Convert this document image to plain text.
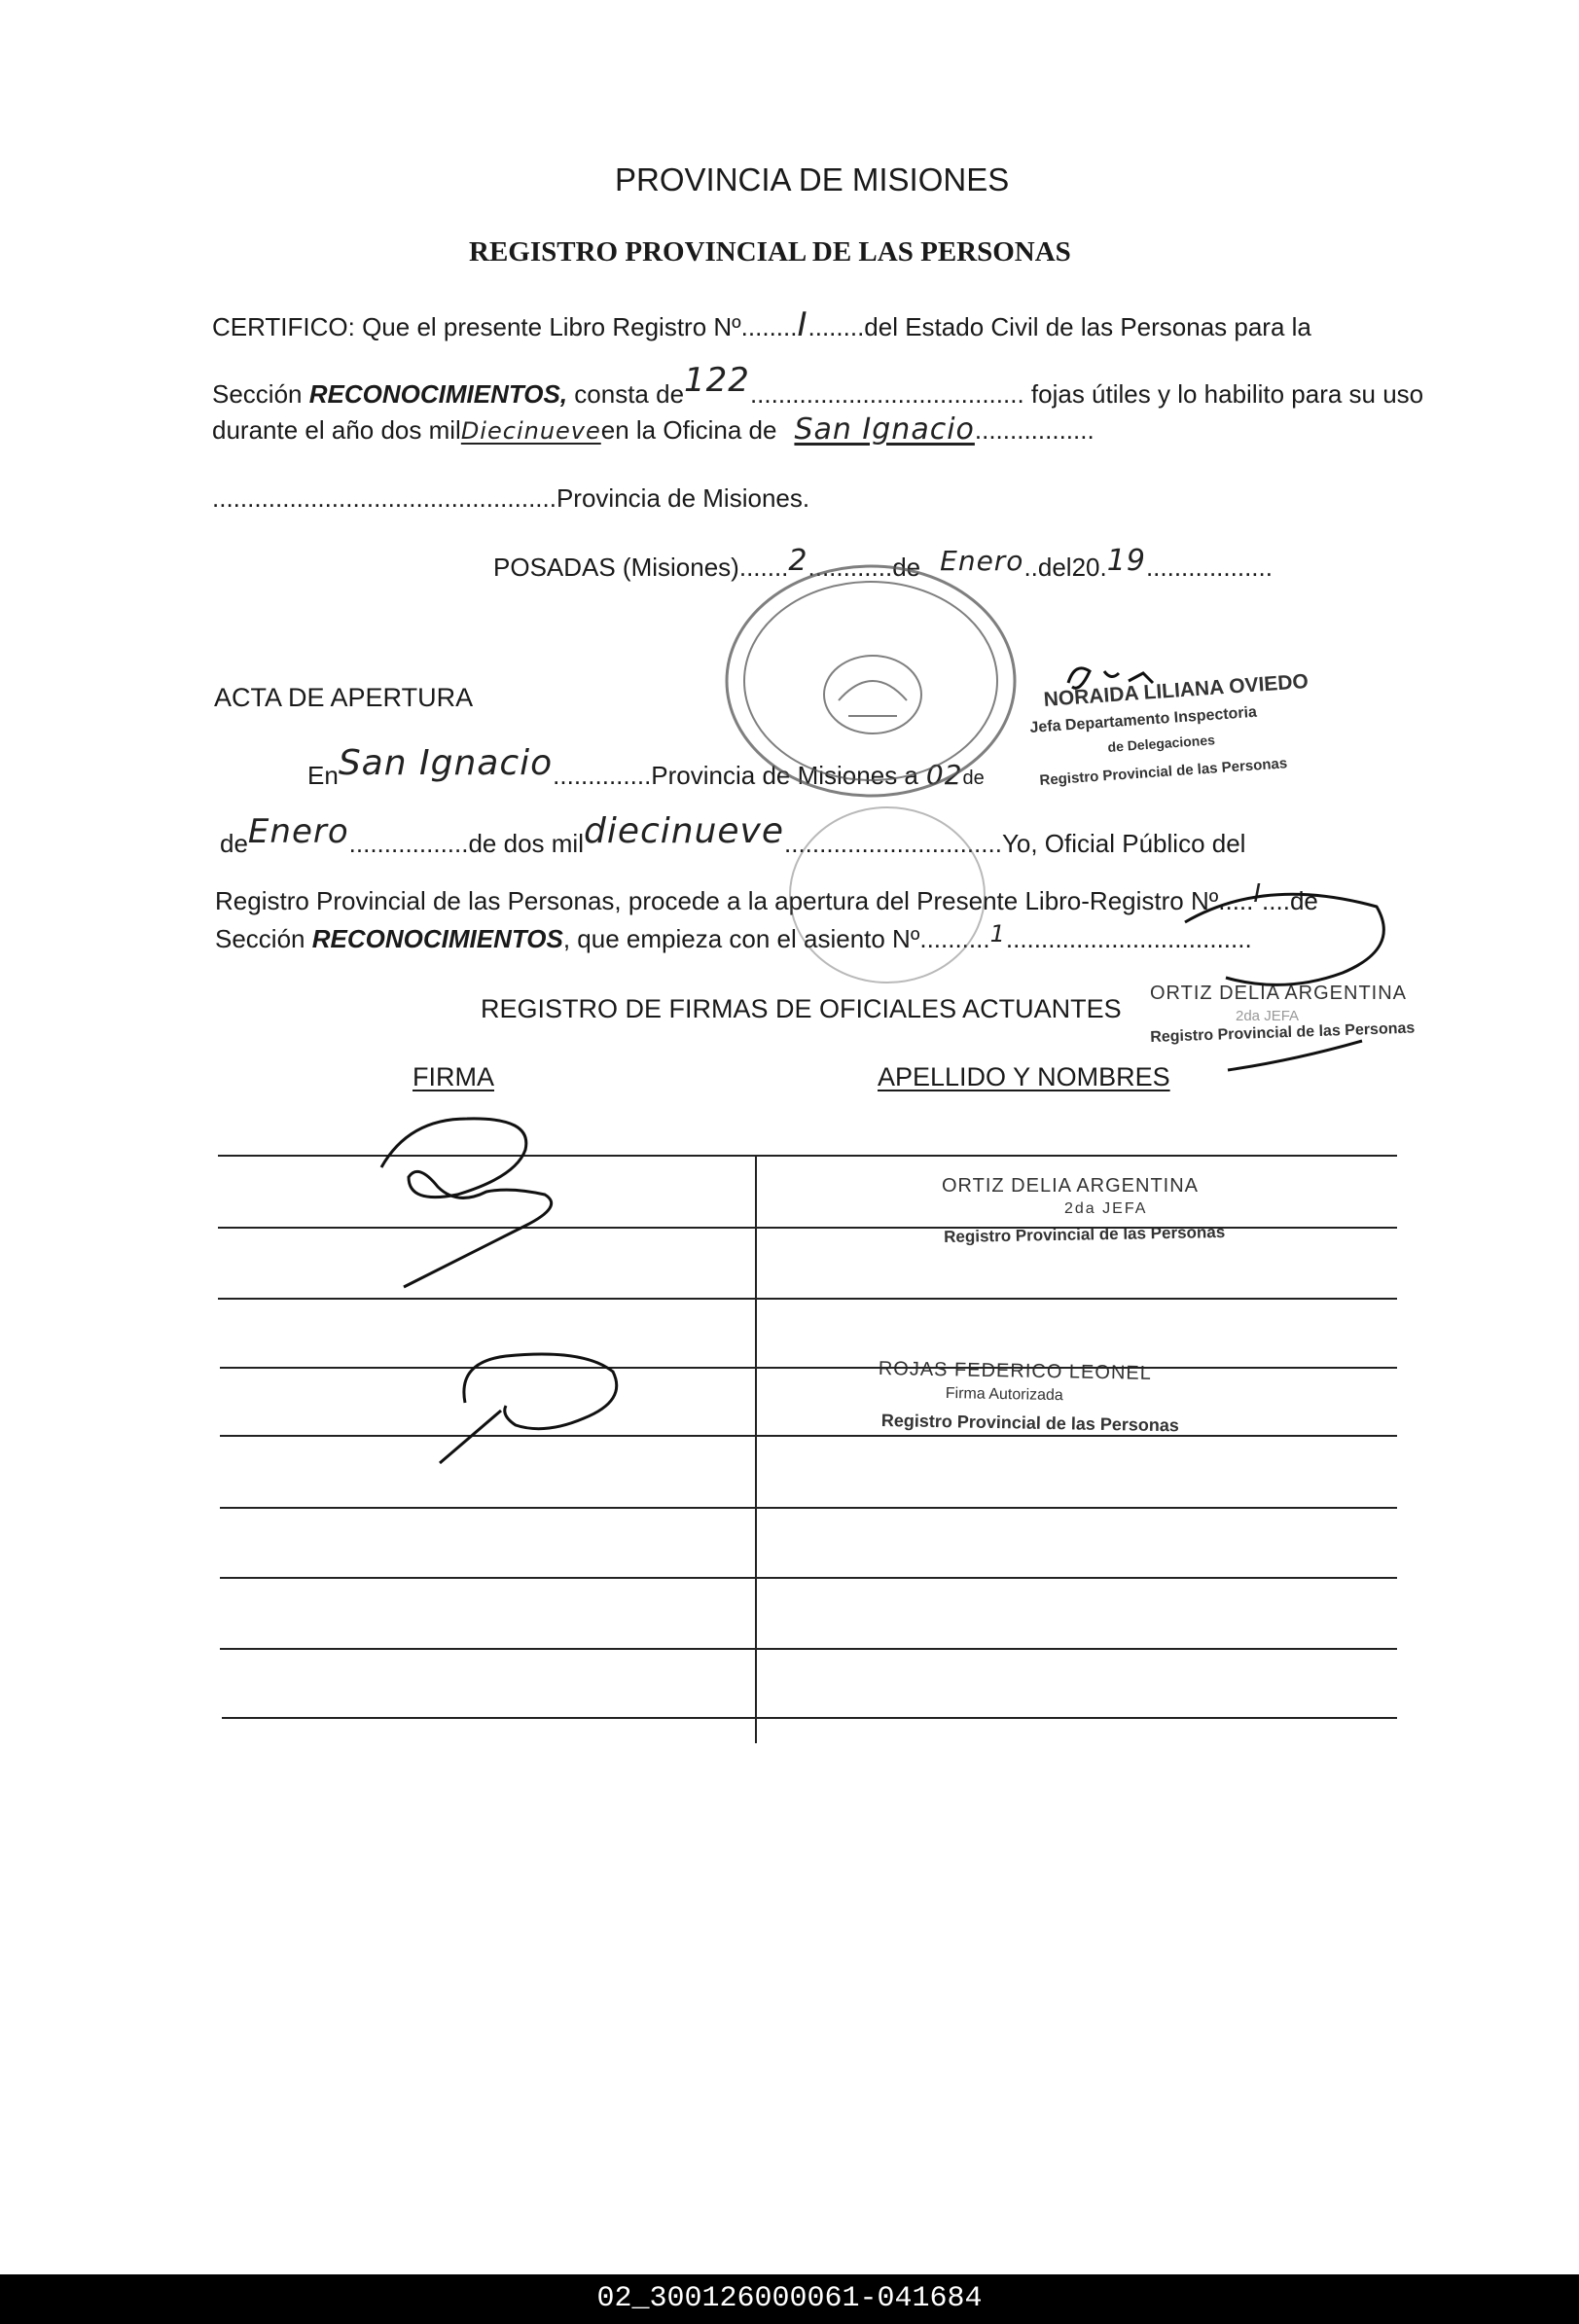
PROVINCIA DE MISIONES
REGISTRO PROVINCIAL DE LAS PERSONAS
CERTIFICO: Que el presente Libro Registro Nº........I........del Estado Civil de las Personas para la
Sección RECONOCIMIENTOS, consta de122....................................... fojas útiles y lo habilito para su uso
durante el año dos milDiecinueveen la Oficina de San Ignacio.................
.................................................Provincia de Misiones.
POSADAS (Misiones).......2............de Enero..del20.19..................
ACTA DE APERTURA
EnSan Ignacio..............Provincia de Misiones a 02de
deEnero.................de dos mildiecinueve...............................Yo, Oficial Público del
Registro Provincial de las Personas, procede a la apertura del Presente Libro-Registro Nº.....I....de
Sección RECONOCIMIENTOS, que empieza con el asiento Nº..........1...................................
NORAIDA LILIANA OVIEDO
Jefa Departamento Inspectoria
de Delegaciones
Registro Provincial de las Personas
REGISTRO DE FIRMAS DE OFICIALES ACTUANTES
ORTIZ DELIA ARGENTINA
2da JEFA
Registro Provincial de las Personas
FIRMA	APELLIDO Y NOMBRES
ORTIZ DELIA ARGENTINA
2da JEFA
Registro Provincial de las Personas
ROJAS FEDERICO LEONEL
Firma Autorizada
Registro Provincial de las Personas
02_300126000061-041684
